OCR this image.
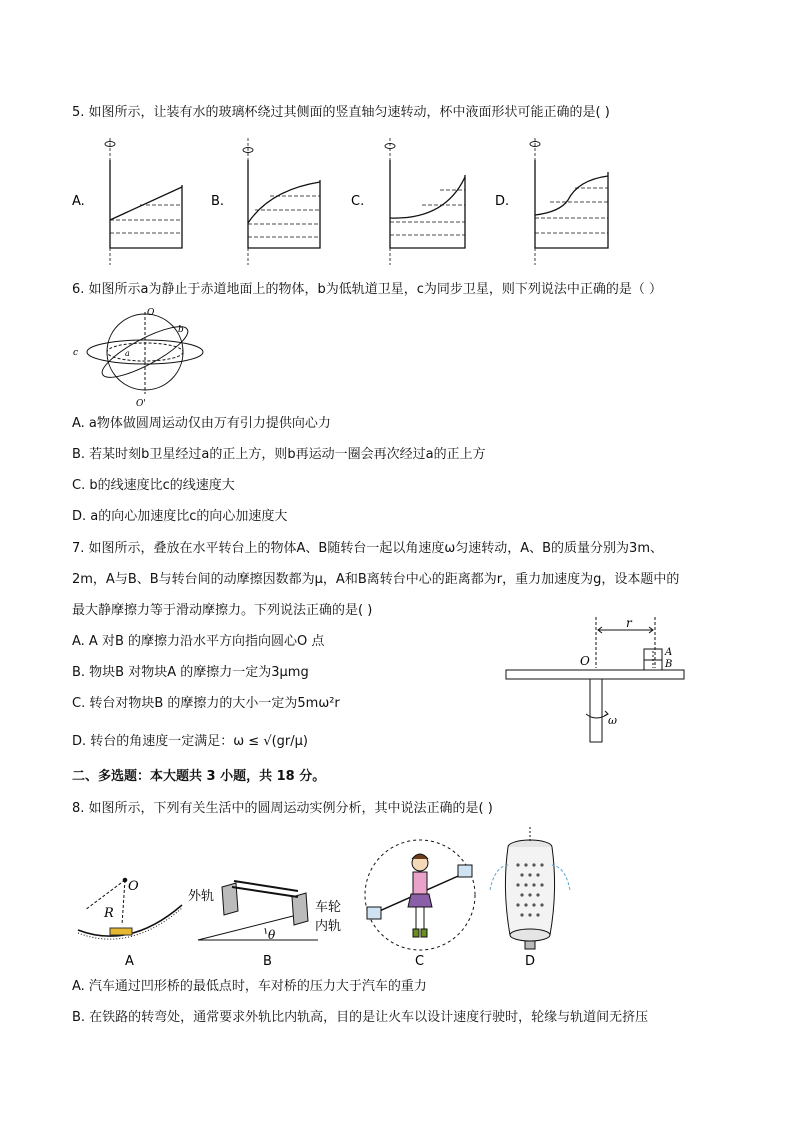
5. 如图所示，让装有水的玻璃杯绕过其侧面的竖直轴匀速转动，杯中液面形状可能正确的是( )
A.	B.	C.	D.
6. 如图所示a为静止于赤道地面上的物体，b为低轨道卫星，c为同步卫星，则下列说法中正确的是（ ）
O
b
c	a
O'
A. a物体做圆周运动仅由万有引力提供向心力
B. 若某时刻b卫星经过a的正上方，则b再运动一圈会再次经过a的正上方
C. b的线速度比c的线速度大
D. a的向心加速度比c的向心加速度大
7. 如图所示，叠放在水平转台上的物体A、B随转台一起以角速度ω匀速转动，A、B的质量分别为3m、
2m，A与B、B与转台间的动摩擦因数都为μ，A和B离转台中心的距离都为r，重力加速度为g，设本题中的
最大静摩擦力等于滑动摩擦力。下列说法正确的是( )
A. A 对B 的摩擦力沿水平方向指向圆心O 点
B. 物块B 对物块A 的摩擦力一定为3μmg
C. 转台对物块B 的摩擦力的大小一定为5mω²r
D. 转台的角速度一定满足：ω ≤ √(gr/μ)
r
O
A
B
ω
二、多选题：本大题共 3 小题，共 18 分。
8. 如图所示，下列有关生活中的圆周运动实例分析，其中说法正确的是( )
O
R
外轨
车轮
内轨
θ
A	B	C	D
A. 汽车通过凹形桥的最低点时，车对桥的压力大于汽车的重力
B. 在铁路的转弯处，通常要求外轨比内轨高，目的是让火车以设计速度行驶时，轮缘与轨道间无挤压
